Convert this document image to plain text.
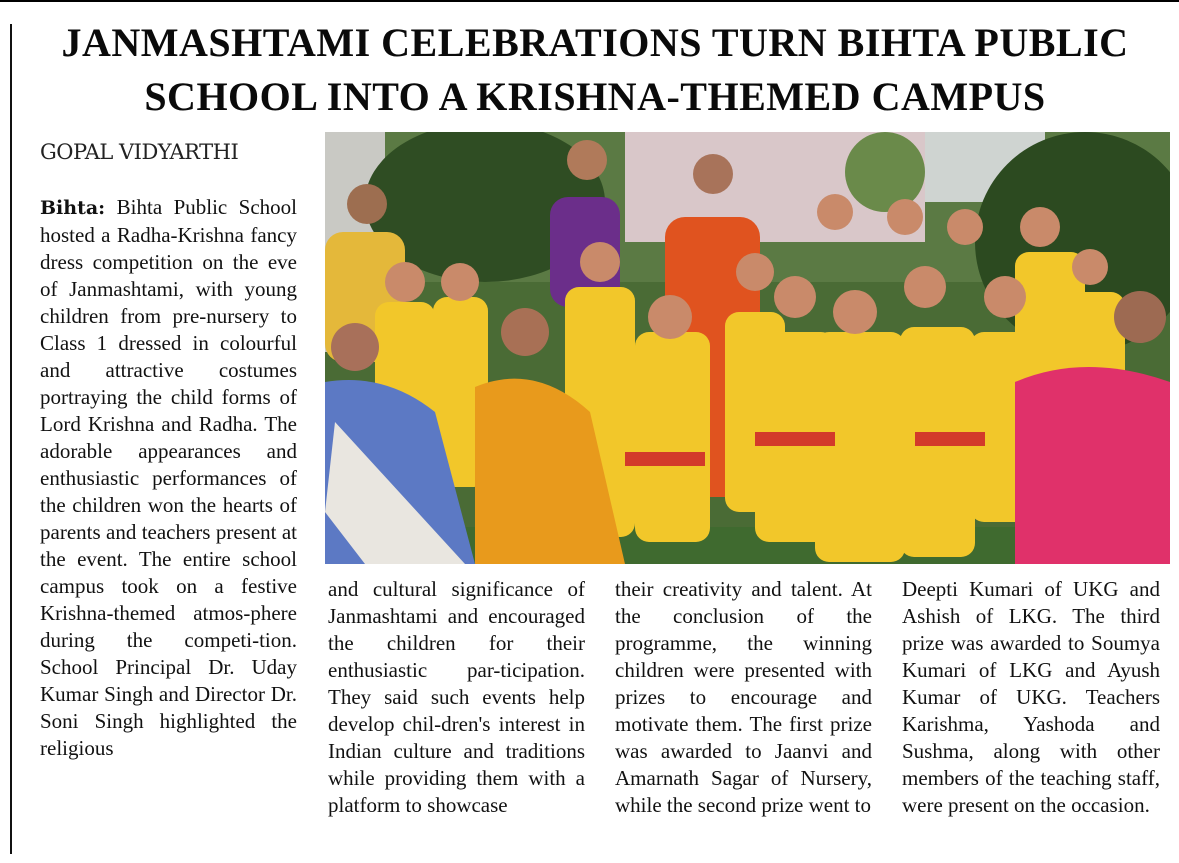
JANMASHTAMI CELEBRATIONS TURN BIHTA PUBLIC
SCHOOL INTO A KRISHNA-THEMED CAMPUS
GOPAL VIDYARTHI
Bihta: Bihta Public School hosted a Radha-Krishna fancy dress competition on the eve of Janmashtami, with young children from pre-nursery to Class 1 dressed in colourful and attractive costumes portraying the child forms of Lord Krishna and Radha. The adorable appearances and enthusiastic performances of the children won the hearts of parents and teachers present at the event. The entire school campus took on a festive Krishna-themed atmos-phere during the competi-tion. School Principal Dr. Uday Kumar Singh and Director Dr. Soni Singh highlighted the religious
and cultural significance of Janmashtami and encouraged the children for their enthusiastic par-ticipation. They said such events help develop chil-dren's interest in Indian culture and traditions while providing them with a platform to showcase
their creativity and talent. At the conclusion of the programme, the winning children were presented with prizes to encourage and motivate them. The first prize was awarded to Jaanvi and Amarnath Sagar of Nursery, while the second prize went to
Deepti Kumari of UKG and Ashish of LKG. The third prize was awarded to Soumya Kumari of LKG and Ayush Kumar of UKG. Teachers Karishma, Yashoda and Sushma, along with other members of the teaching staff, were present on the occasion.
